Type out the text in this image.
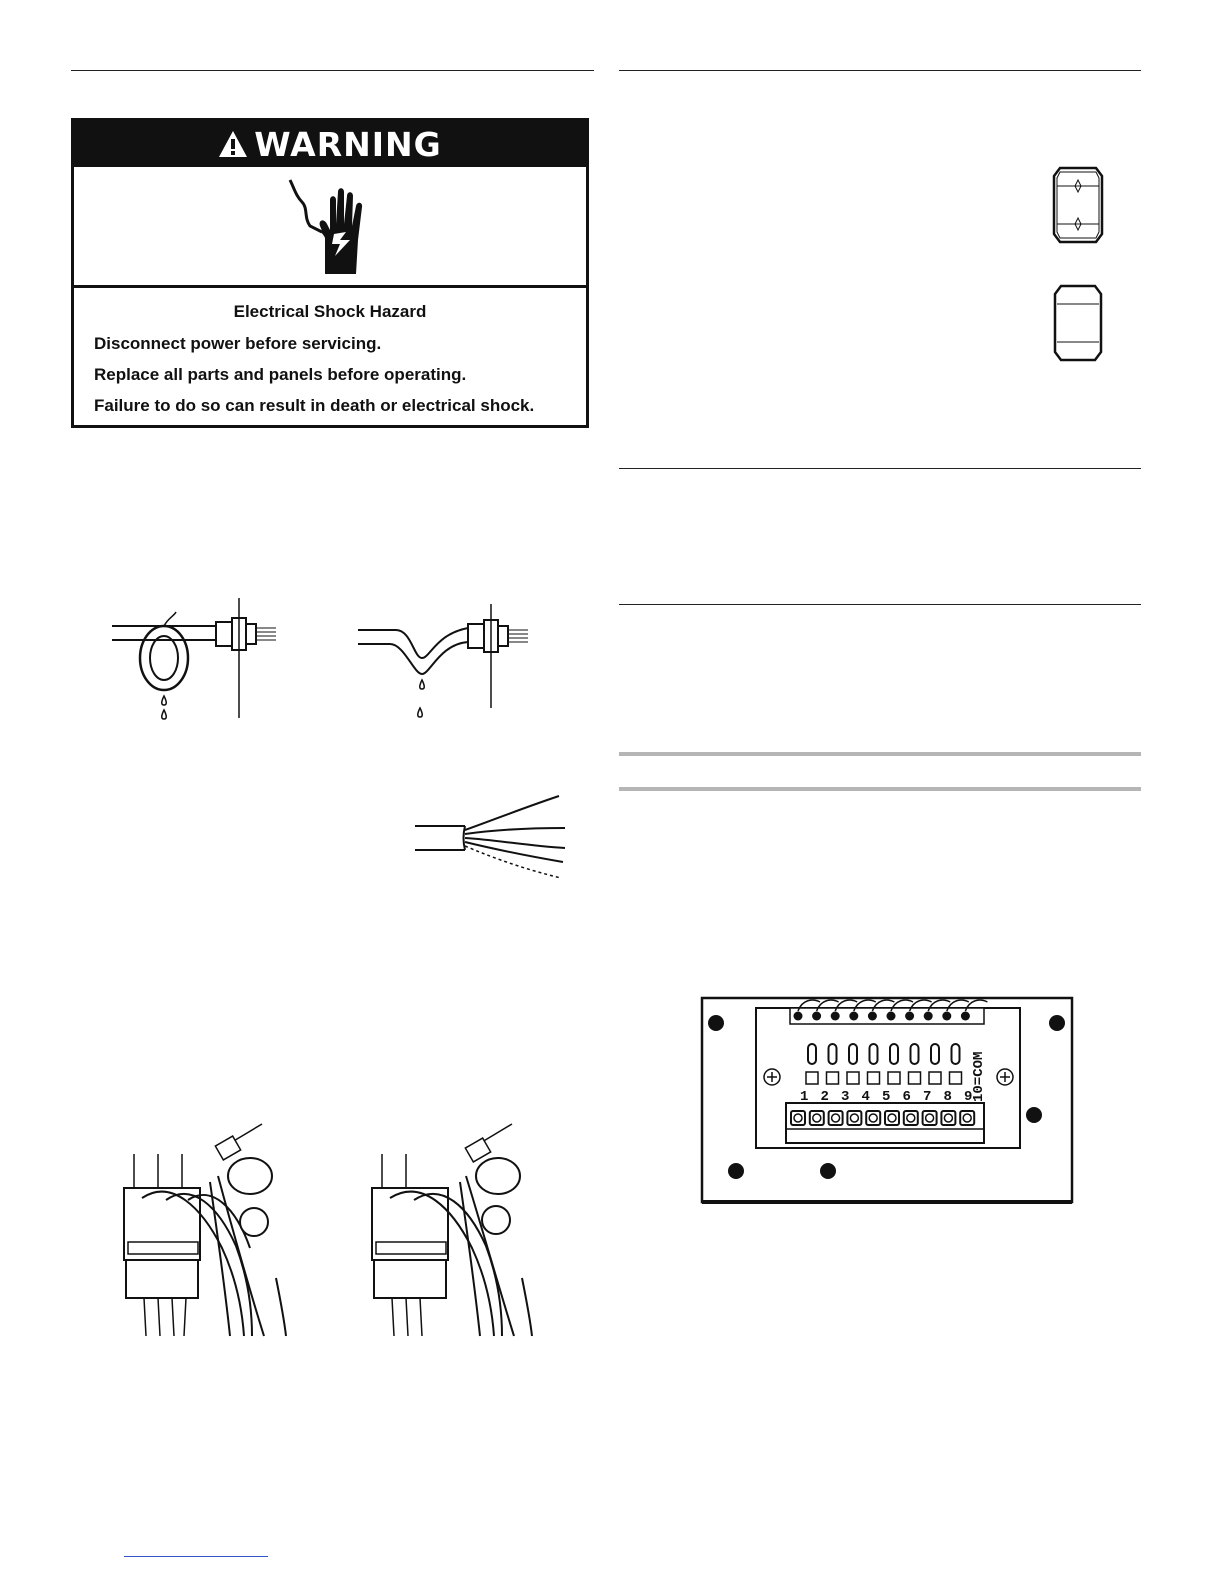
WARNING

Electrical Shock Hazard

Disconnect power before servicing.

Replace all parts and panels before operating.

Failure to do so can result in death or electrical shock.

1 2 3 4 5 6 7 8 9
10=COM
